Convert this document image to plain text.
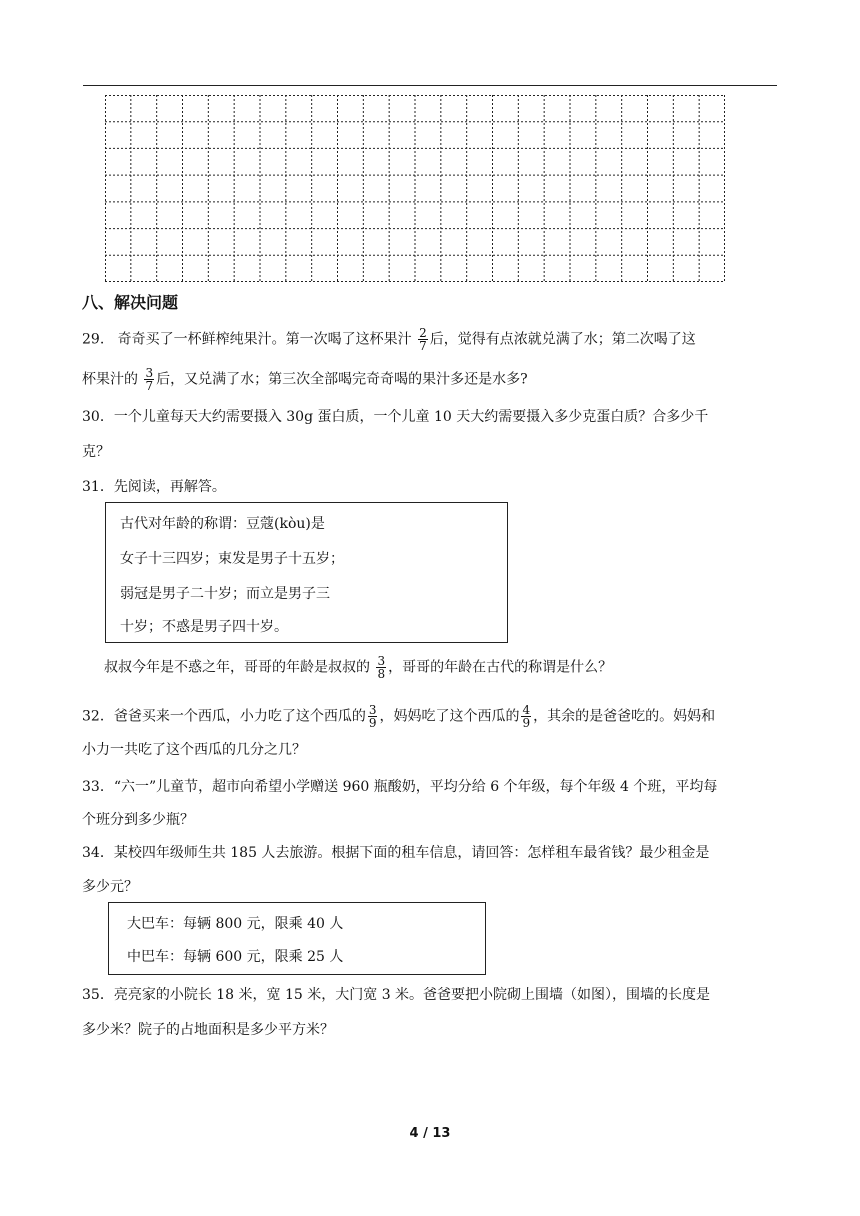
八、解决问题
29. 奇奇买了一杯鲜榨纯果汁。第一次喝了这杯果汁 $\frac{2}{7}$ 后，觉得有点浓就兑满了水；第二次喝了这
杯果汁的 $\frac{3}{7}$ 后，又兑满了水；第三次全部喝完奇奇喝的果汁多还是水多?
30．一个儿童每天大约需要摄入 30g 蛋白质，一个儿童 10 天大约需要摄入多少克蛋白质？合多少千
克？
31．先阅读，再解答。
古代对年龄的称谓：豆蔻(kòu)是
女子十三四岁；束发是男子十五岁；
弱冠是男子二十岁；而立是男子三
十岁；不惑是男子四十岁。
叔叔今年是不惑之年，哥哥的年龄是叔叔的 $\frac{3}{8}$ ，哥哥的年龄在古代的称谓是什么？
32．爸爸买来一个西瓜，小力吃了这个西瓜的 $\frac{3}{9}$ ，妈妈吃了这个西瓜的 $\frac{4}{9}$ ，其余的是爸爸吃的。妈妈和
小力一共吃了这个西瓜的几分之几？
33．“六一”儿童节，超市向希望小学赠送 960 瓶酸奶，平均分给 6 个年级，每个年级 4 个班，平均每
个班分到多少瓶？
34．某校四年级师生共 185 人去旅游。根据下面的租车信息，请回答：怎样租车最省钱？最少租金是
多少元？
大巴车：每辆 800 元，限乘 40 人
中巴车：每辆 600 元，限乘 25 人
35．亮亮家的小院长 18 米，宽 15 米，大门宽 3 米。爸爸要把小院砌上围墙（如图），围墙的长度是
多少米？院子的占地面积是多少平方米？
4 / 13
